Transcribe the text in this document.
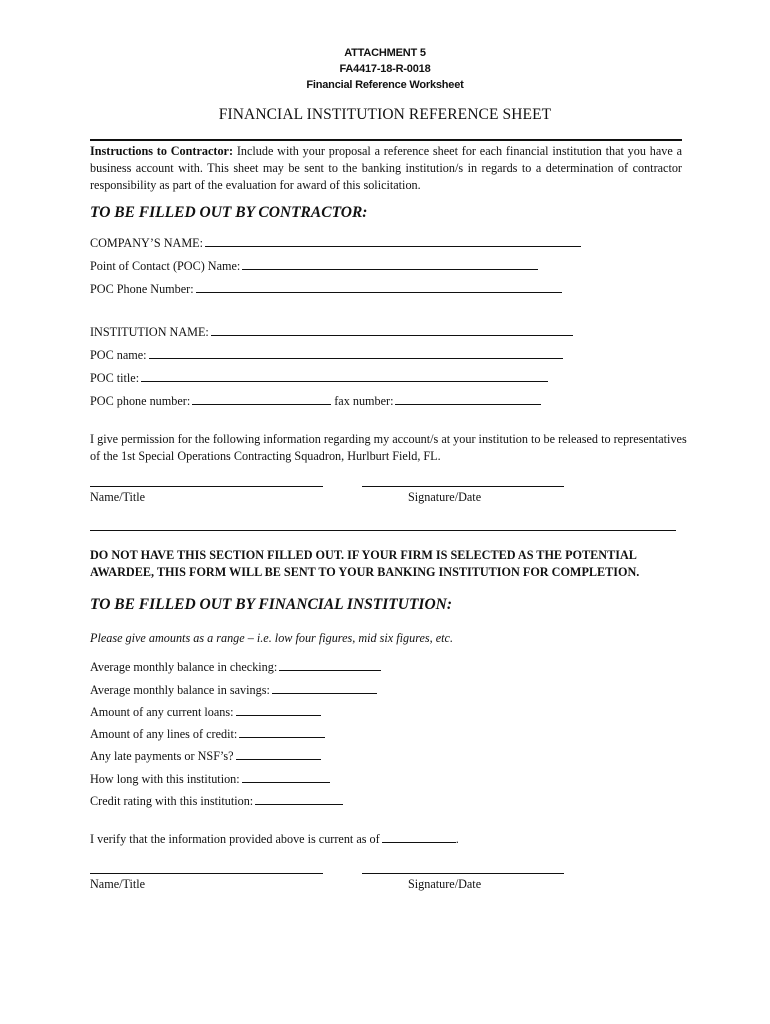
ATTACHMENT 5
FA4417-18-R-0018
Financial Reference Worksheet
FINANCIAL INSTITUTION REFERENCE SHEET
Instructions to Contractor: Include with your proposal a reference sheet for each financial institution that you have a business account with. This sheet may be sent to the banking institution/s in regards to a determination of contractor responsibility as part of the evaluation for award of this solicitation.
TO BE FILLED OUT BY CONTRACTOR:
COMPANY’S NAME:
Point of Contact (POC) Name:
POC Phone Number:
INSTITUTION NAME:
POC name:
POC title:
POC phone number:	fax number:
I give permission for the following information regarding my account/s at your institution to be released to representatives of the 1st Special Operations Contracting Squadron, Hurlburt Field, FL.
Name/Title	Signature/Date
DO NOT HAVE THIS SECTION FILLED OUT. IF YOUR FIRM IS SELECTED AS THE POTENTIAL AWARDEE, THIS FORM WILL BE SENT TO YOUR BANKING INSTITUTION FOR COMPLETION.
TO BE FILLED OUT BY FINANCIAL INSTITUTION:
Please give amounts as a range – i.e. low four figures, mid six figures, etc.
Average monthly balance in checking:
Average monthly balance in savings:
Amount of any current loans:
Amount of any lines of credit:
Any late payments or NSF’s?
How long with this institution:
Credit rating with this institution:
I verify that the information provided above is current as of	.
Name/Title	Signature/Date
